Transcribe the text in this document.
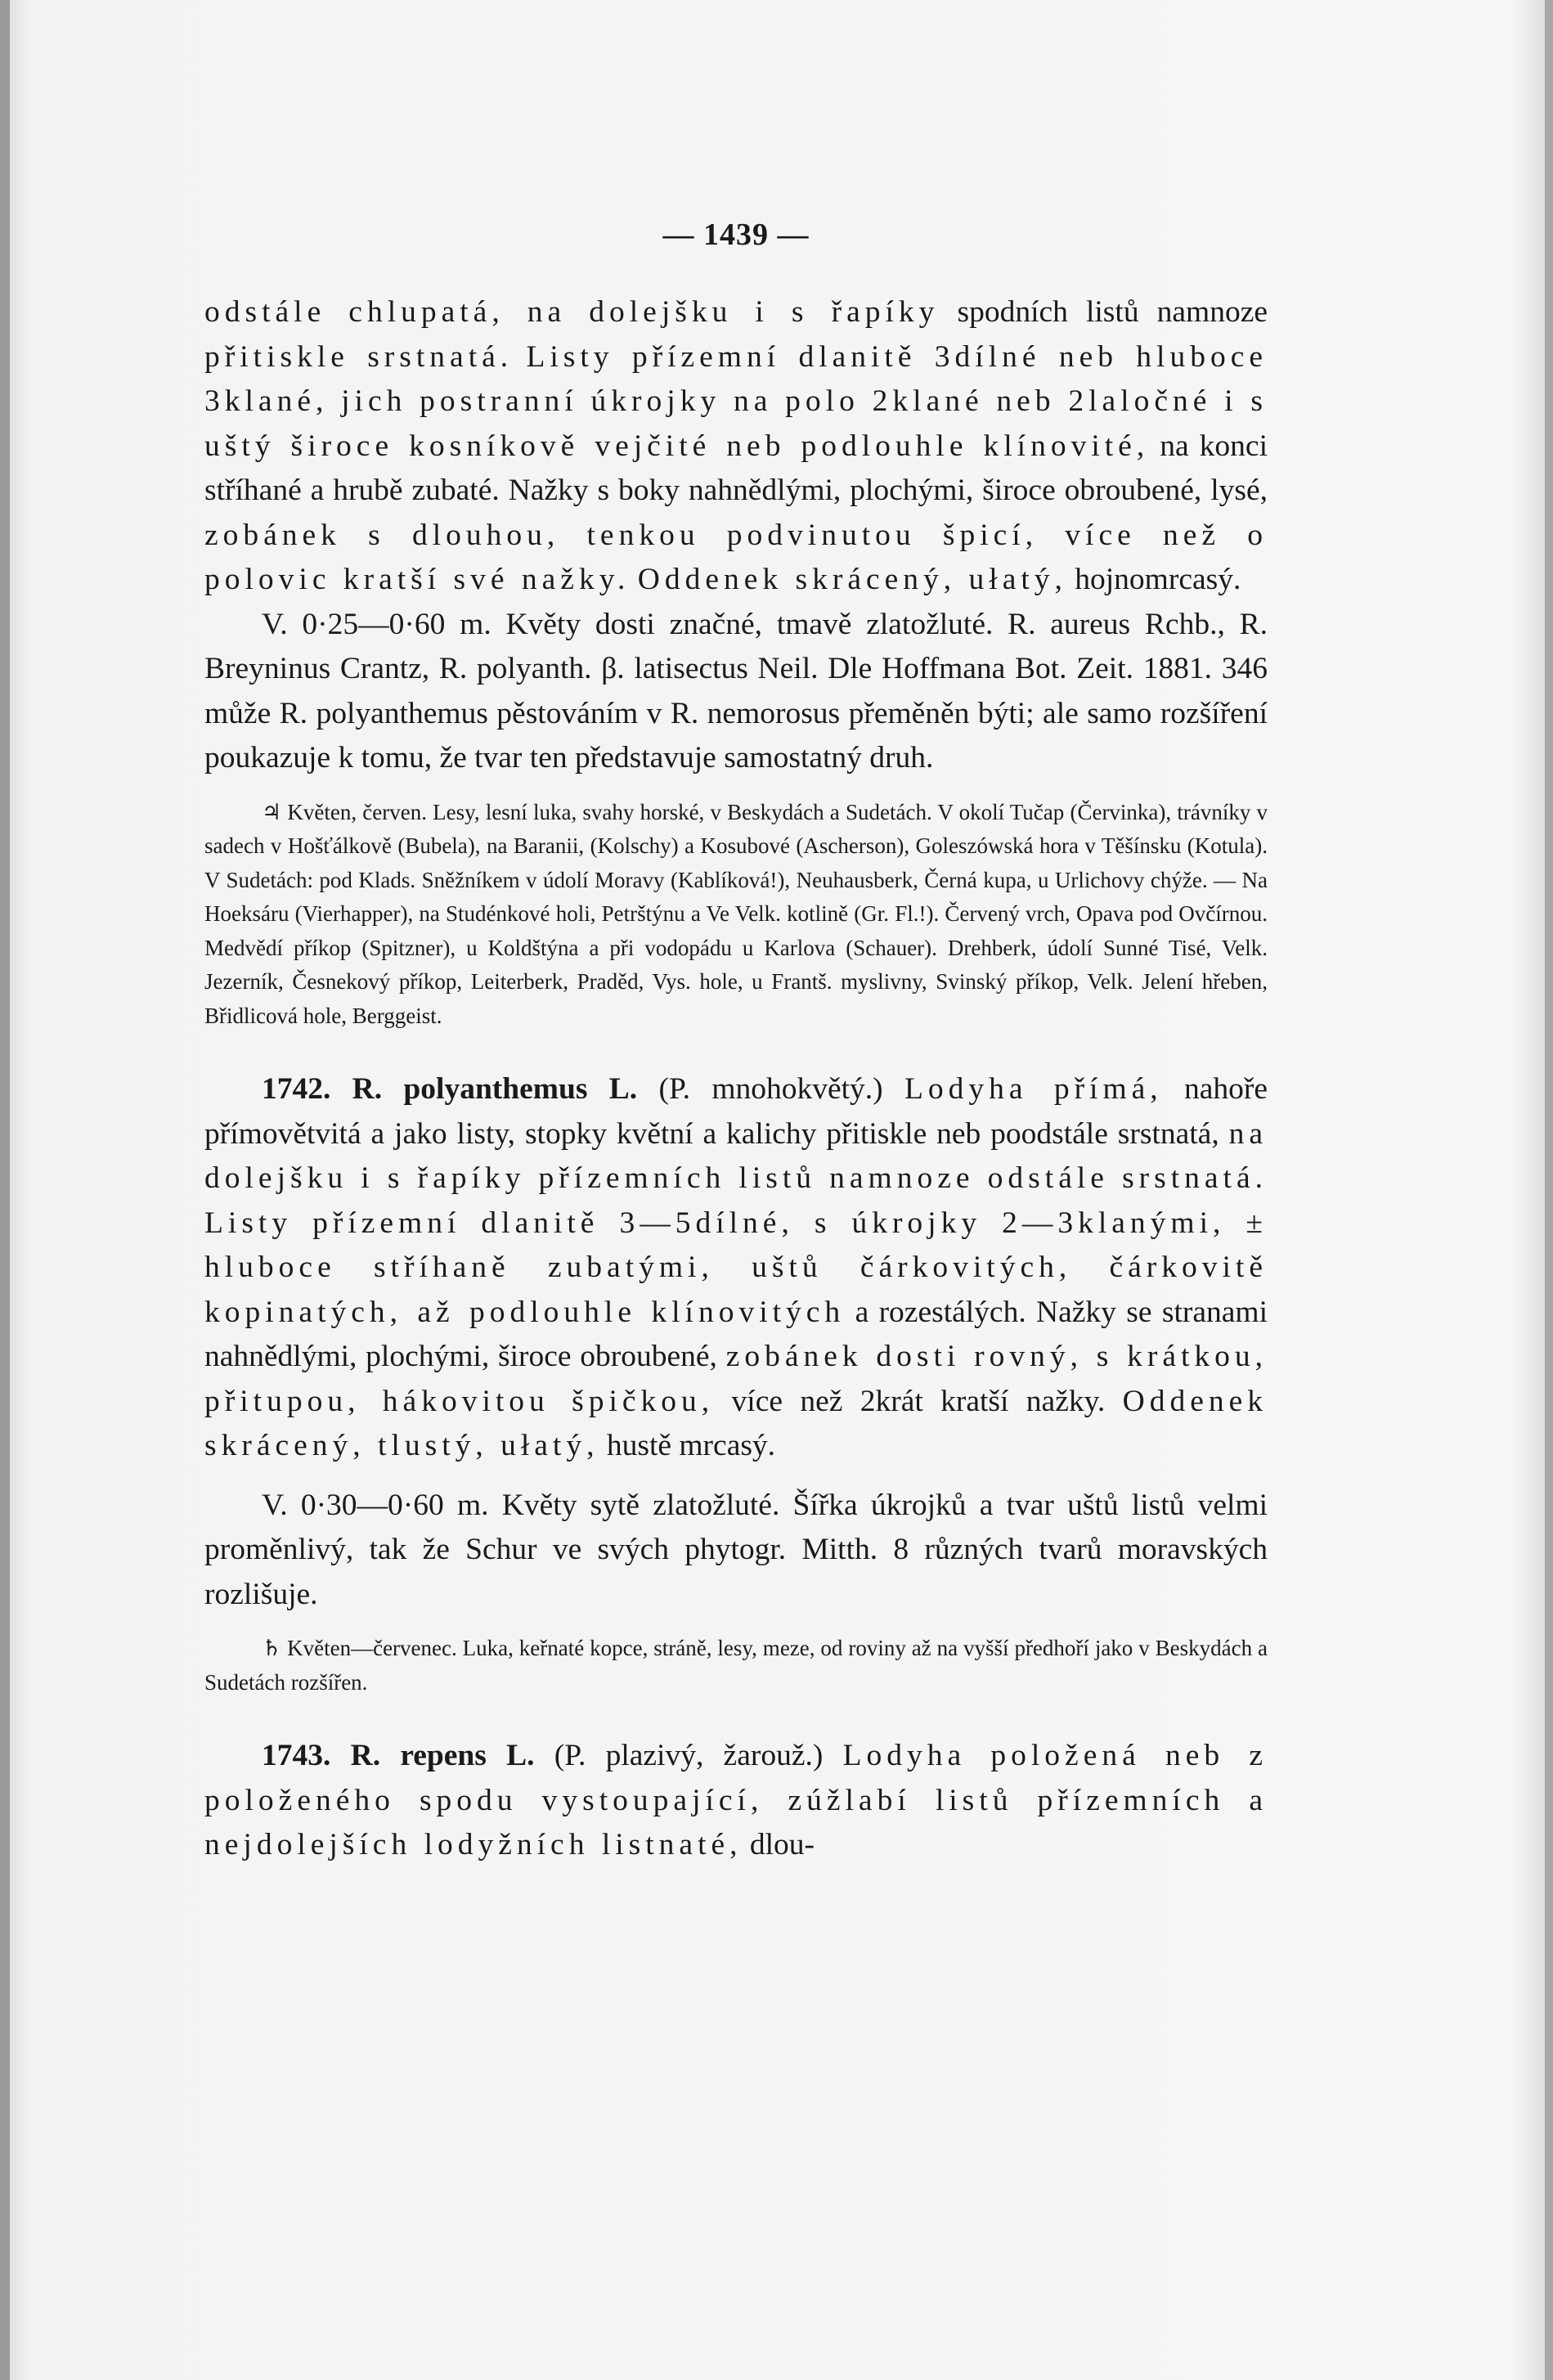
— 1439 —

odstále chlupatá, na dolejšku i s řapíky spodních listů namnoze přitiskle srstnatá. Listy přízemní dlanitě 3dílné neb hluboce 3klané, jich postranní úkrojky na polo 2klané neb 2laločné i s uštý široce kosníkově vejčité neb podlouhle klínovité, na konci stříhané a hrubě zubaté. Nažky s boky nahnědlými, plochými, široce obroubené, lysé, zobánek s dlouhou, tenkou podvinutou špicí, více než o polovic kratší své nažky. Oddenek skrácený, ułatý, hojnomrcasý.

V. 0·25—0·60 m. Květy dosti značné, tmavě zlatožluté. R. aureus Rchb., R. Breyninus Crantz, R. polyanth. β. latisectus Neil. Dle Hoffmana Bot. Zeit. 1881. 346 může R. polyanthemus pěstováním v R. nemorosus přeměněn býti; ale samo rozšíření poukazuje k tomu, že tvar ten představuje samostatný druh.

♃ Květen, červen. Lesy, lesní luka, svahy horské, v Beskydách a Sudetách. V okolí Tučap (Červinka), trávníky v sadech v Hošťálkově (Bubela), na Baranii, (Kolschy) a Kosubové (Ascherson), Goleszówská hora v Těšínsku (Kotula). V Sudetách: pod Klads. Sněžníkem v údolí Moravy (Kablíková!), Neuhausberk, Černá kupa, u Urlichovy chýže. — Na Hoeksáru (Vierhapper), na Studénkové holi, Petrštýnu a Ve Velk. kotlině (Gr. Fl.!). Červený vrch, Opava pod Ovčírnou. Medvědí příkop (Spitzner), u Koldštýna a při vodopádu u Karlova (Schauer). Drehberk, údolí Sunné Tisé, Velk. Jezerník, Česnekový příkop, Leiterberk, Praděd, Vys. hole, u Frantš. myslivny, Svinský příkop, Velk. Jelení hřeben, Břidlicová hole, Berggeist.

1742. R. polyanthemus L. (P. mnohokvětý.) Lodyha přímá, nahoře přímovětvitá a jako listy, stopky květní a kalichy přitiskle neb poodstále srstnatá, na dolejšku i s řapíky přízemních listů namnoze odstále srstnatá. Listy přízemní dlanitě 3—5dílné, s úkrojky 2—3klanými, ± hluboce stříhaně zubatými, uštů čárkovitých, čárkovitě kopinatých, až podlouhle klínovitých a rozestálých. Nažky se stranami nahnědlými, plochými, široce obroubené, zobánek dosti rovný, s krátkou, přitupou, hákovitou špičkou, více než 2krát kratší nažky. Oddenek skrácený, tlustý, ułatý, hustě mrcasý.

V. 0·30—0·60 m. Květy sytě zlatožluté. Šířka úkrojků a tvar uštů listů velmi proměnlivý, tak že Schur ve svých phytogr. Mitth. 8 různých tvarů moravských rozlišuje.

♄ Květen—červenec. Luka, keřnaté kopce, stráně, lesy, meze, od roviny až na vyšší předhoří jako v Beskydách a Sudetách rozšířen.

1743. R. repens L. (P. plazivý, žarouž.) Lodyha položená neb z položeného spodu vystoupající, zúžlabí listů přízemních a nejdolejších lodyžních listnaté, dlou-
